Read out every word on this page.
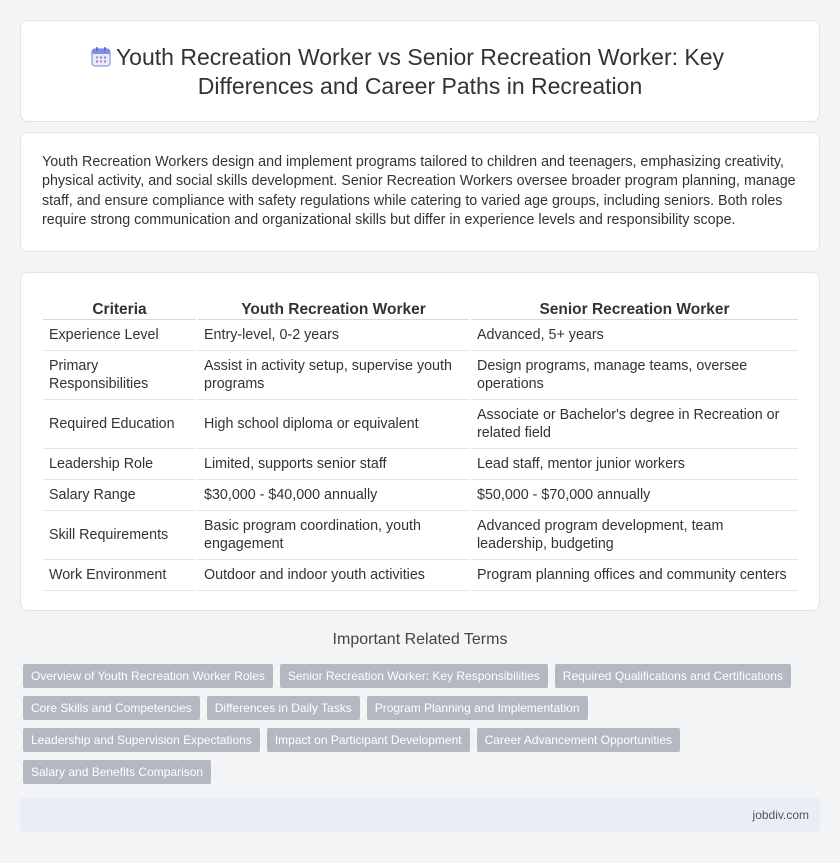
Youth Recreation Worker vs Senior Recreation Worker: Key Differences and Career Paths in Recreation

Youth Recreation Workers design and implement programs tailored to children and teenagers, emphasizing creativity, physical activity, and social skills development. Senior Recreation Workers oversee broader program planning, manage staff, and ensure compliance with safety regulations while catering to varied age groups, including seniors. Both roles require strong communication and organizational skills but differ in experience levels and responsibility scope.

Criteria	Youth Recreation Worker	Senior Recreation Worker
Experience Level	Entry-level, 0-2 years	Advanced, 5+ years
Primary Responsibilities	Assist in activity setup, supervise youth programs	Design programs, manage teams, oversee operations
Required Education	High school diploma or equivalent	Associate or Bachelor's degree in Recreation or related field
Leadership Role	Limited, supports senior staff	Lead staff, mentor junior workers
Salary Range	$30,000 - $40,000 annually	$50,000 - $70,000 annually
Skill Requirements	Basic program coordination, youth engagement	Advanced program development, team leadership, budgeting
Work Environment	Outdoor and indoor youth activities	Program planning offices and community centers
Important Related Terms
Overview of Youth Recreation Worker Roles	Senior Recreation Worker: Key Responsibilities	Required Qualifications and Certifications
Core Skills and Competencies	Differences in Daily Tasks	Program Planning and Implementation
Leadership and Supervision Expectations	Impact on Participant Development	Career Advancement Opportunities
Salary and Benefits Comparison
jobdiv.com
